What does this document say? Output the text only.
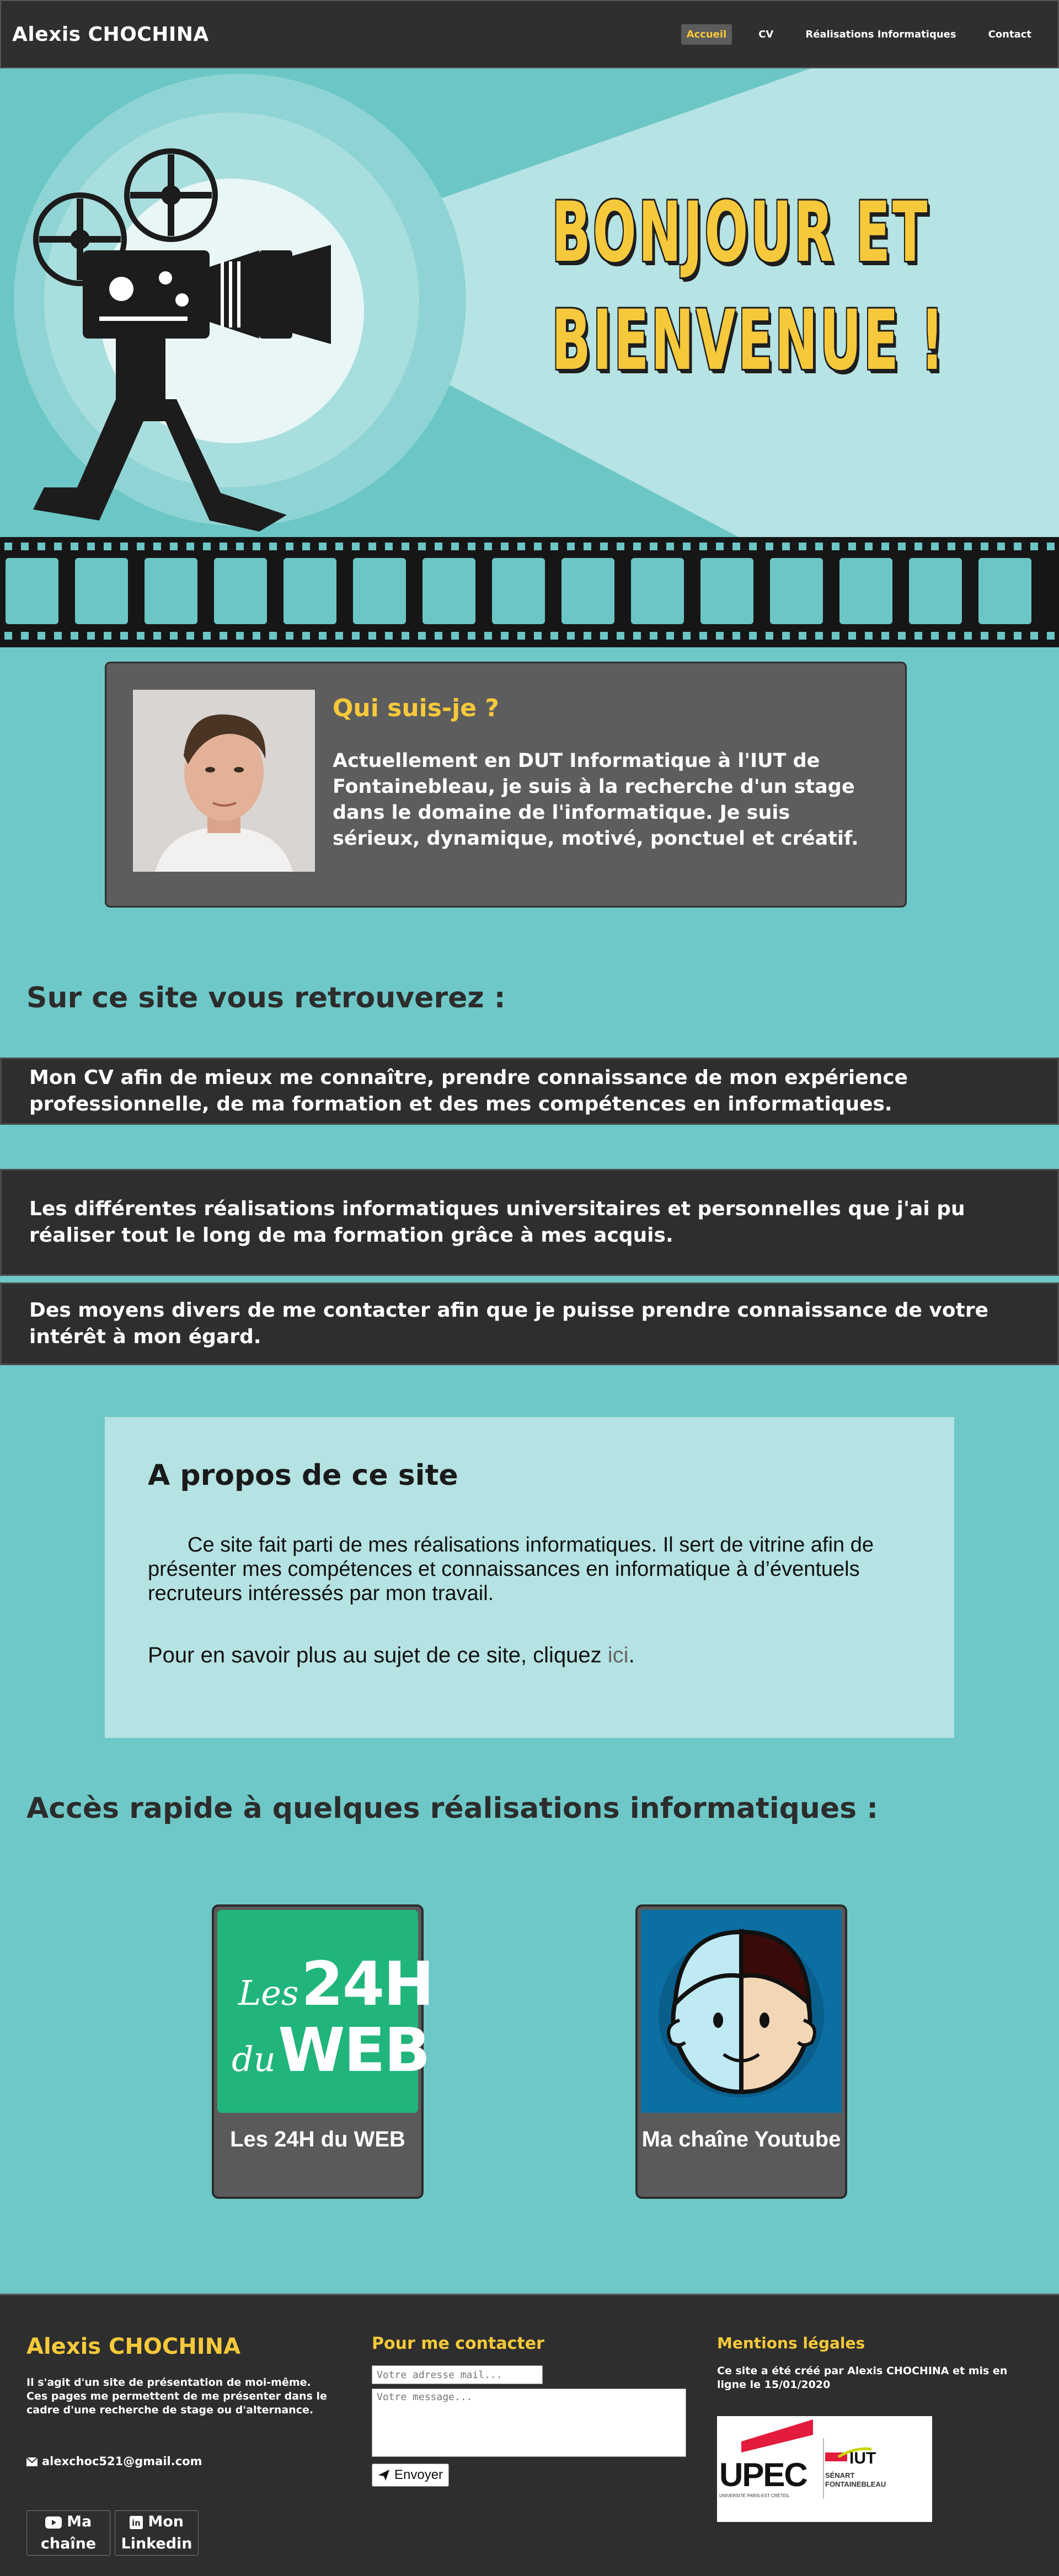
Alexis CHOCHINA	Accueil	CV	Réalisations Informatiques	Contact
BONJOUR ET
BIENVENUE !
Qui suis-je ?
Actuellement en DUT Informatique à l'IUT de Fontainebleau, je suis à la recherche d'un stage dans le domaine de l'informatique. Je suis sérieux, dynamique, motivé, ponctuel et créatif.
Sur ce site vous retrouverez :
Mon CV afin de mieux me connaître, prendre connaissance de mon expérience professionnelle, de ma formation et des mes compétences en informatiques.
Les différentes réalisations informatiques universitaires et personnelles que j'ai pu réaliser tout le long de ma formation grâce à mes acquis.
Des moyens divers de me contacter afin que je puisse prendre connaissance de votre intérêt à mon égard.
A propos de ce site

Ce site fait parti de mes réalisations informatiques. Il sert de vitrine afin de présenter mes compétences et connaissances en informatique à d’éventuels recruteurs intéressés par mon travail.

Pour en savoir plus au sujet de ce site, cliquez ici.

Accès rapide à quelques réalisations informatiques :
Les 24H
du WEB
Les 24H du WEB	Ma chaîne Youtube
Alexis CHOCHINA
Il s'agit d'un site de présentation de moi-même. Ces pages me permettent de me présenter dans le cadre d'une recherche de stage ou d'alternance.
alexchoc521@gmail.com
Ma chaîne
in Mon Linkedin
Pour me contacter
Votre adresse mail...
Votre message...
Envoyer
Mentions légales
Ce site a été créé par Alexis CHOCHINA et mis en ligne le 15/01/2020
UPEC
UNIVERSITÉ PARIS-EST CRÉTEIL
IUT
SÉNART
FONTAINEBLEAU
